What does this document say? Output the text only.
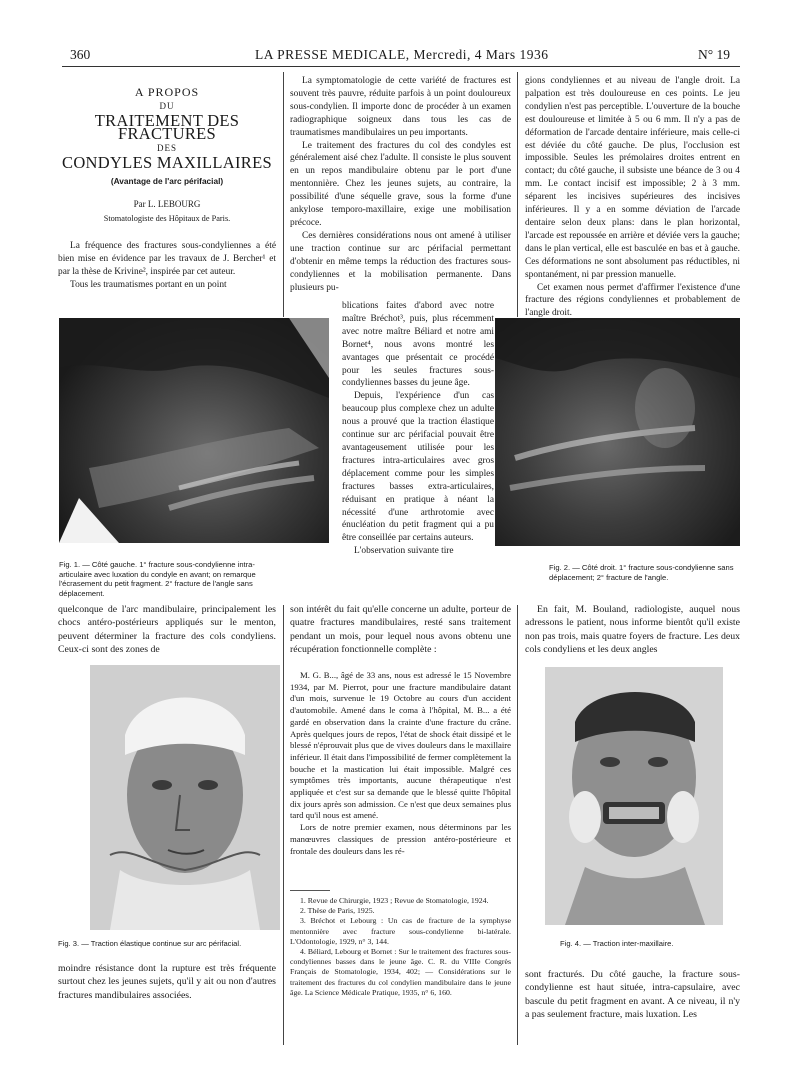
360	LA PRESSE MEDICALE, Mercredi, 4 Mars 1936	N° 19
A PROPOS
DU
TRAITEMENT DES FRACTURES
DES
CONDYLES MAXILLAIRES
(Avantage de l'arc périfacial)
Par L. LEBOURG
Stomatologiste des Hôpitaux de Paris.

La fréquence des fractures sous-condyliennes a été bien mise en évidence par les travaux de J. Bercher¹ et par la thèse de Krivine², inspirée par cet auteur.

Tous les traumatismes portant en un point

La symptomatologie de cette variété de fractures est souvent très pauvre, réduite parfois à un point douloureux sous-condylien. Il importe donc de procéder à un examen radiographique soigneux dans tous les cas de traumatismes mandibulaires un peu importants.

Le traitement des fractures du col des condyles est généralement aisé chez l'adulte. Il consiste le plus souvent en un repos mandibulaire obtenu par le port d'une mentonnière. Chez les jeunes sujets, au contraire, la possibilité d'une séquelle grave, sous la forme d'une ankylose temporo-maxillaire, exige une mobilisation précoce.

Ces dernières considérations nous ont amené à utiliser une traction continue sur arc périfacial permettant d'obtenir en même temps la réduction des fractures sous-condyliennes et la mobilisation permanente. Dans plusieurs pu-

gions condyliennes et au niveau de l'angle droit. La palpation est très douloureuse en ces points. Le jeu condylien n'est pas perceptible. L'ouverture de la bouche est douloureuse et limitée à 5 ou 6 mm. Il n'y a pas de déformation de l'arcade dentaire inférieure, mais celle-ci est déviée du côté gauche. De plus, l'occlusion est impossible. Seules les prémolaires droites entrent en contact; du côté gauche, il subsiste une béance de 3 ou 4 mm. Le contact incisif est impossible; 2 à 3 mm. séparent les incisives supérieures des incisives inférieures. Il y a en somme déviation de l'arcade dentaire selon deux plans: dans le plan horizontal, l'arcade est repoussée en arrière et déviée vers la gauche; dans le plan vertical, elle est basculée en bas et à gauche. Ces déformations ne sont absolument pas réductibles, ni spontanément, ni par pression manuelle.

Cet examen nous permet d'affirmer l'existence d'une fracture des régions condyliennes et probablement de l'angle droit.

Fig. 1. — Côté gauche. 1° fracture sous-condylienne intra-articulaire avec luxation du condyle en avant; on remarque l'écrasement du petit fragment. 2° fracture de l'angle sans déplacement.

blications faites d'abord avec notre maître Bréchot³, puis, plus récemment avec notre maître Béliard et notre ami Bornet⁴, nous avons montré les avantages que présentait ce procédé pour les seules fractures sous-condyliennes basses du jeune âge.

Depuis, l'expérience d'un cas beaucoup plus complexe chez un adulte nous a prouvé que la traction élastique continue sur arc périfacial pouvait être avantageusement utilisée pour les fractures intra-articulaires avec gros déplacement comme pour les simples fractures basses extra-articulaires, réduisant en pratique à néant la nécessité d'une arthrotomie avec énucléation du petit fragment qui a pu être conseillée par certains auteurs.

L'observation suivante tire

Fig. 2. — Côté droit. 1° fracture sous-condylienne sans déplacement; 2° fracture de l'angle.

quelconque de l'arc mandibulaire, principalement les chocs antéro-postérieurs appliqués sur le menton, peuvent déterminer la fracture des cols condyliens. Ceux-ci sont des zones de

son intérêt du fait qu'elle concerne un adulte, porteur de quatre fractures mandibulaires, resté sans traitement pendant un mois, pour lequel nous avons obtenu une récupération fonctionnelle complète :

En fait, M. Bouland, radiologiste, auquel nous adressons le patient, nous informe bientôt qu'il existe non pas trois, mais quatre foyers de fracture. Les deux cols condyliens et les deux angles

Fig. 3. — Traction élastique continue sur arc périfacial.

moindre résistance dont la rupture est très fréquente surtout chez les jeunes sujets, qu'il y ait ou non d'autres fractures mandibulaires associées.

M. G. B..., âgé de 33 ans, nous est adressé le 15 Novembre 1934, par M. Pierrot, pour une fracture mandibulaire datant d'un mois, survenue le 19 Octobre au cours d'un accident d'automobile. Amené dans le coma à l'hôpital, M. B... a été gardé en observation dans la crainte d'une fracture du crâne. Après quelques jours de repos, l'état de shock était dissipé et le blessé n'éprouvait plus que de vives douleurs dans le maxillaire inférieur. Il était dans l'impossibilité de fermer complètement la bouche et la mastication lui était impossible. Malgré ces symptômes très importants, aucune thérapeutique n'est appliquée et c'est sur sa demande que le blessé quitte l'hôpital dix jours après son admission. Ce n'est que deux semaines plus tard qu'il nous est amené.

Lors de notre premier examen, nous déterminons par les manœuvres classiques de pression antéro-postérieure et frontale des douleurs dans les ré-

1. Revue de Chirurgie, 1923 ; Revue de Stomatologie, 1924.

2. Thèse de Paris, 1925.

3. Bréchot et Lebourg : Un cas de fracture de la symphyse mentonnière avec fracture sous-condylienne bi-latérale. L'Odontologie, 1929, n° 3, 144.

4. Béliard, Lebourg et Bornet : Sur le traitement des fractures sous-condyliennes basses dans le jeune âge. C. R. du VIIIe Congrès Français de Stomatologie, 1934, 402; — Considérations sur le traitement des fractures du col condylien mandibulaire dans le jeune âge. La Science Médicale Pratique, 1935, n° 6, 160.

Fig. 4. — Traction inter-maxillaire.

sont fracturés. Du côté gauche, la fracture sous-condylienne est haut située, intra-capsulaire, avec bascule du petit fragment en avant. A ce niveau, il n'y a pas seulement fracture, mais luxation. Les
